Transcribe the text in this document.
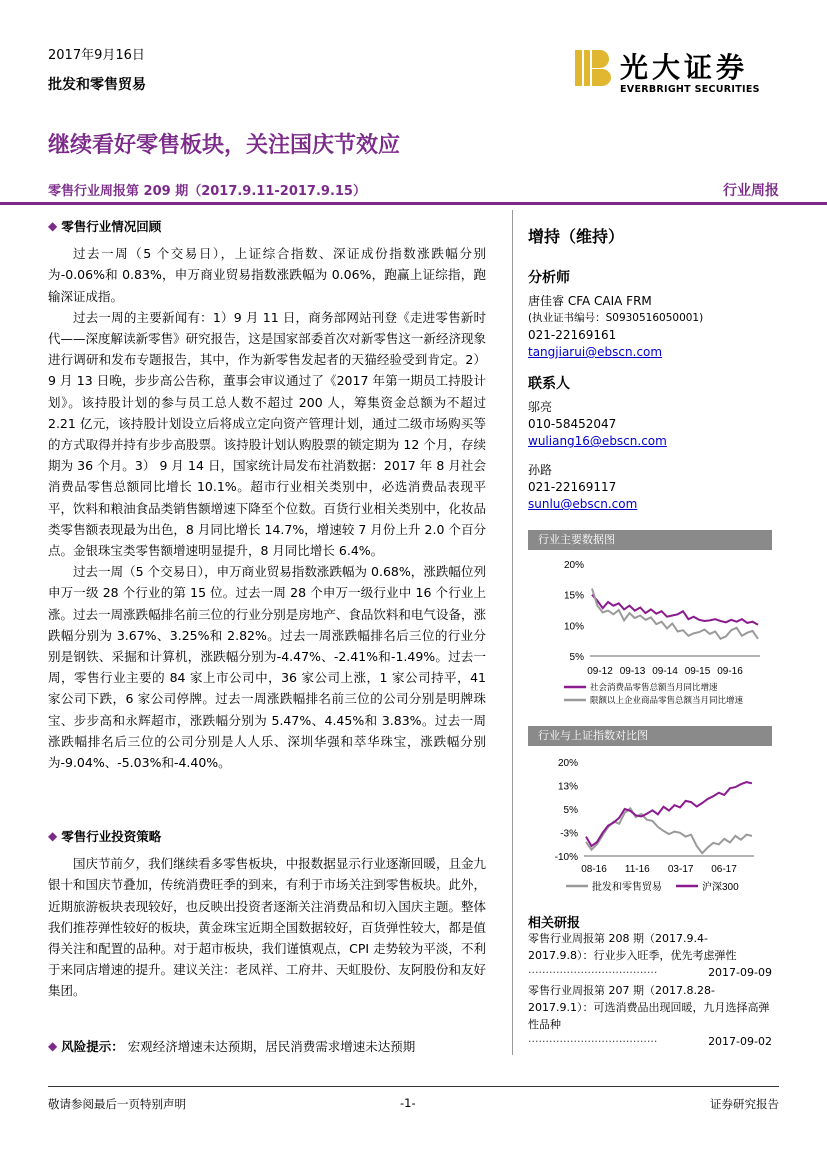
2017年9月16日
批发和零售贸易
光大证券
EVERBRIGHT SECURITIES
继续看好零售板块，关注国庆节效应
零售行业周报第 209 期（2017.9.11-2017.9.15）	行业周报
◆ 零售行业情况回顾

过去一周（5 个交易日），上证综合指数、深证成份指数涨跌幅分别为-0.06%和 0.83%，申万商业贸易指数涨跌幅为 0.06%，跑赢上证综指，跑输深证成指。

过去一周的主要新闻有：1）9 月 11 日，商务部网站刊登《走进零售新时代——深度解读新零售》研究报告，这是国家部委首次对新零售这一新经济现象进行调研和发布专题报告，其中，作为新零售发起者的天猫经验受到肯定。2）9 月 13 日晚，步步高公告称，董事会审议通过了《2017 年第一期员工持股计划》。该持股计划的参与员工总人数不超过 200 人，筹集资金总额为不超过 2.21 亿元，该持股计划设立后将成立定向资产管理计划，通过二级市场购买等的方式取得并持有步步高股票。该持股计划认购股票的锁定期为 12 个月，存续期为 36 个月。3） 9 月 14 日，国家统计局发布社消数据：2017 年 8 月社会消费品零售总额同比增长 10.1%。超市行业相关类别中，必选消费品表现平平，饮料和粮油食品类销售额增速下降至个位数。百货行业相关类别中，化妆品类零售额表现最为出色，8 月同比增长 14.7%，增速较 7 月份上升 2.0 个百分点。金银珠宝类零售额增速明显提升，8 月同比增长 6.4%。

过去一周（5 个交易日），申万商业贸易指数涨跌幅为 0.68%，涨跌幅位列申万一级 28 个行业的第 15 位。过去一周 28 个申万一级行业中 16 个行业上涨。过去一周涨跌幅排名前三位的行业分别是房地产、食品饮料和电气设备，涨跌幅分别为 3.67%、3.25%和 2.82%。过去一周涨跌幅排名后三位的行业分别是钢铁、采掘和计算机，涨跌幅分别为-4.47%、-2.41%和-1.49%。过去一周，零售行业主要的 84 家上市公司中，36 家公司上涨，1 家公司持平，41 家公司下跌，6 家公司停牌。过去一周涨跌幅排名前三位的公司分别是明牌珠宝、步步高和永辉超市，涨跌幅分别为 5.47%、4.45%和 3.83%。过去一周涨跌幅排名后三位的公司分别是人人乐、深圳华强和萃华珠宝，涨跌幅分别为-9.04%、-5.03%和-4.40%。

◆ 零售行业投资策略

国庆节前夕，我们继续看多零售板块，中报数据显示行业逐渐回暖，且金九银十和国庆节叠加，传统消费旺季的到来，有利于市场关注到零售板块。此外，近期旅游板块表现较好，也反映出投资者逐渐关注消费品和切入国庆主题。整体我们推荐弹性较好的板块，黄金珠宝近期全国数据较好，百货弹性较大，都是值得关注和配置的品种。对于超市板块，我们谨慎观点，CPI 走势较为平淡，不利于来同店增速的提升。建议关注：老凤祥、工府井、天虹股份、友阿股份和友好集团。

◆ 风险提示： 宏观经济增速未达预期，居民消费需求增速未达预期
增持（维持）
分析师
唐佳睿 CFA CAIA FRM
(执业证书编号：S0930516050001)
021-22169161
tangjiarui@ebscn.com
联系人
邬亮
010-58452047
wuliang16@ebscn.com
孙路
021-22169117
sunlu@ebscn.com
行业主要数据图
20%
15%
10%
5%
09-12 09-13 09-14 09-15 09-16
社会消费品零售总额当月同比增速
限额以上企业商品零售总额当月同比增速
行业与上证指数对比图
20%
13%
5%
-3%
-10%
08-16 11-16 03-17 06-17
批发和零售贸易	沪深300
相关研报
零售行业周报第 208 期（2017.9.4-2017.9.8）：行业步入旺季，优先考虑弹性
·····································	2017-09-09
零售行业周报第 207 期（2017.8.28-2017.9.1）：可选消费品出现回暖，九月选择高弹性品种
·····································	2017-09-02
敬请参阅最后一页特别声明	-1-	证券研究报告
